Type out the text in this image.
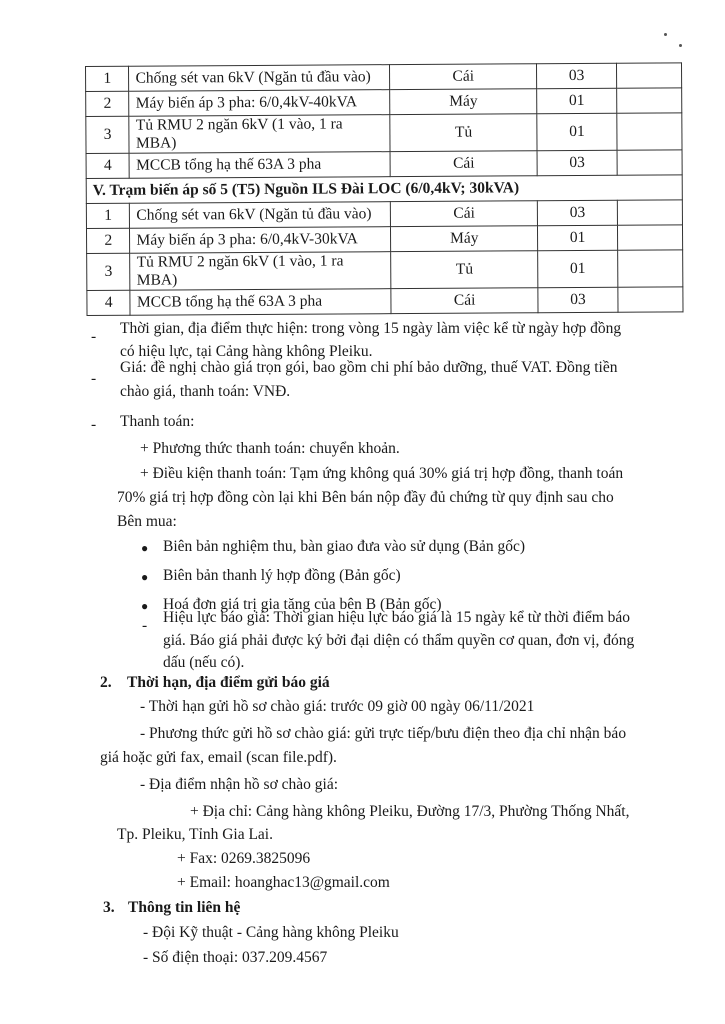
1	Chống sét van 6kV (Ngăn tủ đầu vào)	Cái	03	
2	Máy biến áp 3 pha: 6/0,4kV-40kVA	Máy	01	
3	Tủ RMU 2 ngăn 6kV (1 vào, 1 ra MBA)	Tủ	01	
4	MCCB tổng hạ thế 63A 3 pha	Cái	03	
V. Trạm biến áp số 5 (T5) Nguồn ILS Đài LOC (6/0,4kV; 30kVA)				
1	Chống sét van 6kV (Ngăn tủ đầu vào)	Cái	03	
2	Máy biến áp 3 pha: 6/0,4kV-30kVA	Máy	01	
3	Tủ RMU 2 ngăn 6kV (1 vào, 1 ra MBA)	Tủ	01	
4	MCCB tổng hạ thế 63A 3 pha	Cái	03	
- Thời gian, địa điểm thực hiện: trong vòng 15 ngày làm việc kể từ ngày hợp đồng
có hiệu lực, tại Cảng hàng không Pleiku.
-
Giá: đề nghị chào giá trọn gói, bao gồm chi phí bảo dưỡng, thuế VAT. Đồng tiền
chào giá, thanh toán: VNĐ.
- Thanh toán:
+ Phương thức thanh toán: chuyển khoản.
+ Điều kiện thanh toán: Tạm ứng không quá 30% giá trị hợp đồng, thanh toán
70% giá trị hợp đồng còn lại khi Bên bán nộp đầy đủ chứng từ quy định sau cho
Bên mua:
● Biên bản nghiệm thu, bàn giao đưa vào sử dụng (Bản gốc)
● Biên bản thanh lý hợp đồng (Bản gốc)
● Hoá đơn giá trị gia tăng của bên B (Bản gốc)
- Hiệu lực báo giá: Thời gian hiệu lực báo giá là 15 ngày kể từ thời điểm báo
giá. Báo giá phải được ký bởi đại diện có thẩm quyền cơ quan, đơn vị, đóng
dấu (nếu có).
2. Thời hạn, địa điểm gửi báo giá
- Thời hạn gửi hồ sơ chào giá: trước 09 giờ 00 ngày 06/11/2021
- Phương thức gửi hồ sơ chào giá: gửi trực tiếp/bưu điện theo địa chỉ nhận báo
giá hoặc gửi fax, email (scan file.pdf).
- Địa điểm nhận hồ sơ chào giá:
+ Địa chỉ: Cảng hàng không Pleiku, Đường 17/3, Phường Thống Nhất,
Tp. Pleiku, Tỉnh Gia Lai.
+ Fax: 0269.3825096
+ Email: hoanghac13@gmail.com
3. Thông tin liên hệ
- Đội Kỹ thuật - Cảng hàng không Pleiku
- Số điện thoại: 037.209.4567
